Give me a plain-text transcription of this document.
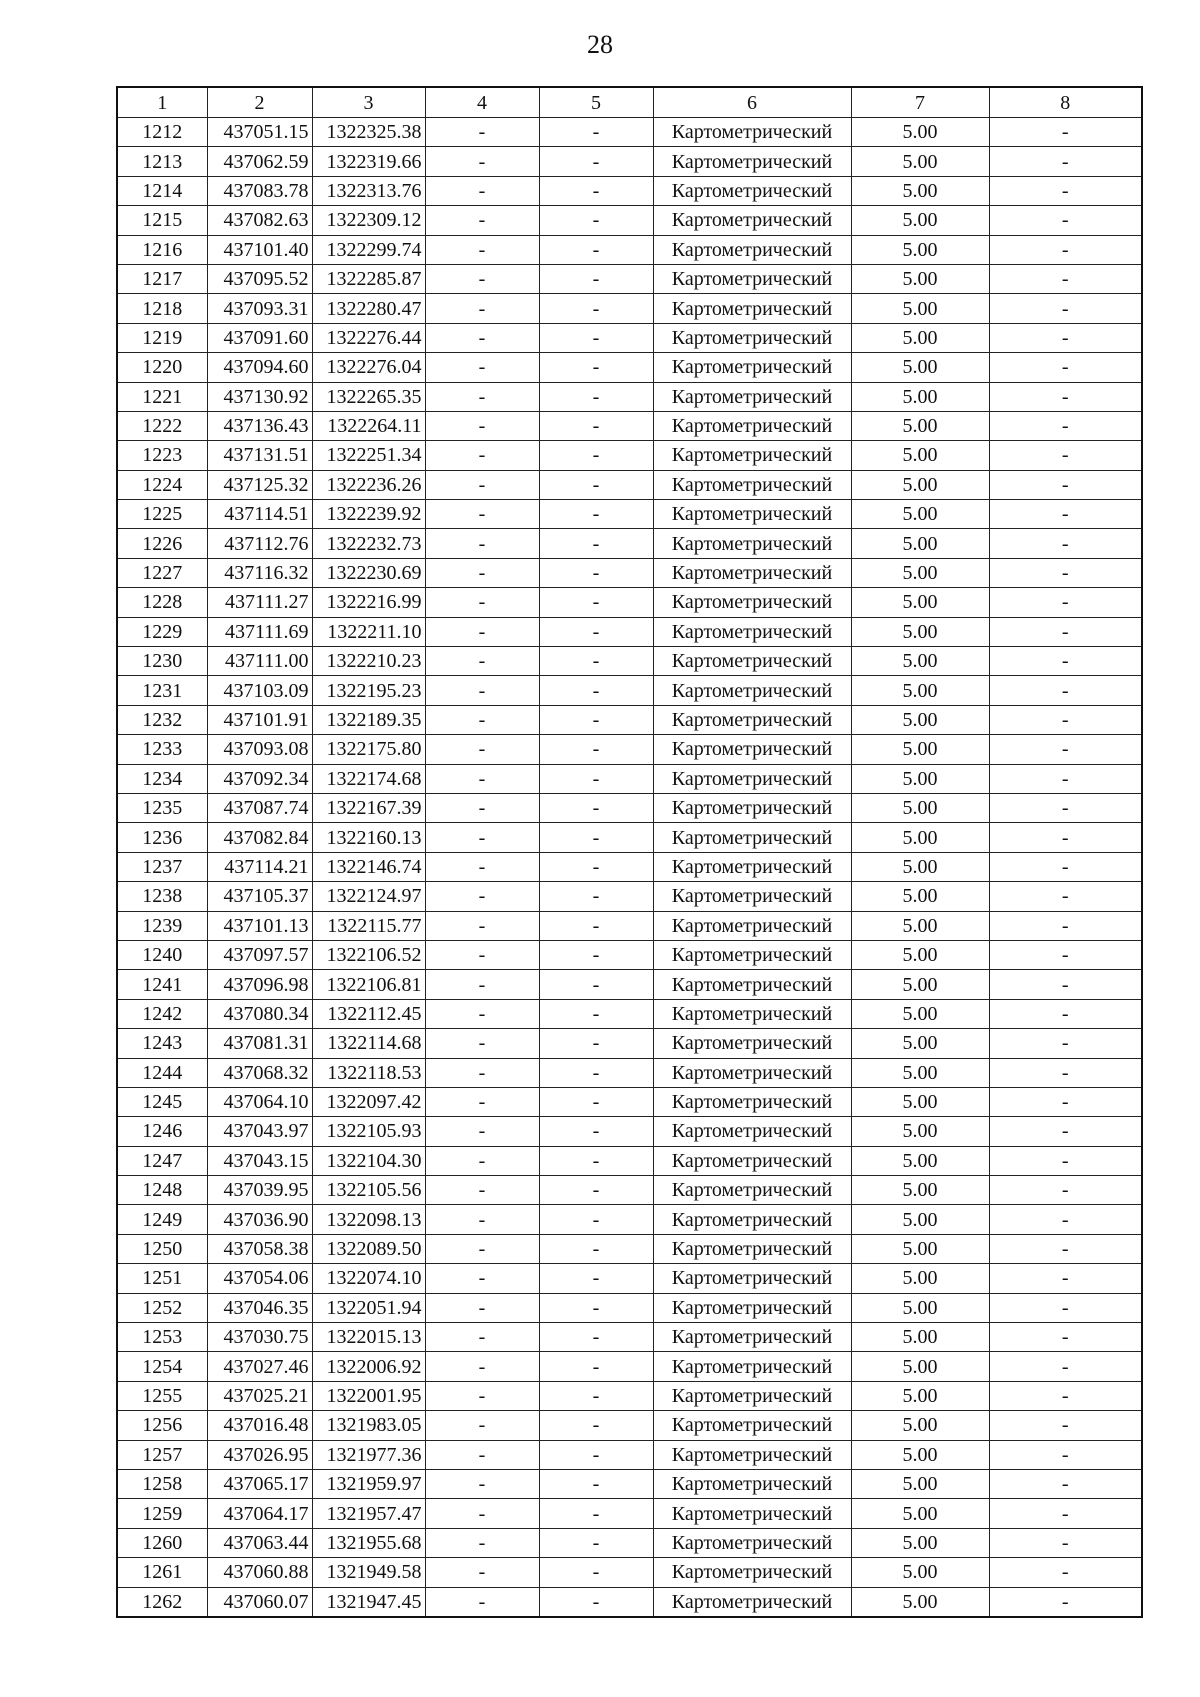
28
1	2	3	4	5	6	7	8
1212	437051.15	1322325.38	-	-	Картометрический	5.00	-
1213	437062.59	1322319.66	-	-	Картометрический	5.00	-
1214	437083.78	1322313.76	-	-	Картометрический	5.00	-
1215	437082.63	1322309.12	-	-	Картометрический	5.00	-
1216	437101.40	1322299.74	-	-	Картометрический	5.00	-
1217	437095.52	1322285.87	-	-	Картометрический	5.00	-
1218	437093.31	1322280.47	-	-	Картометрический	5.00	-
1219	437091.60	1322276.44	-	-	Картометрический	5.00	-
1220	437094.60	1322276.04	-	-	Картометрический	5.00	-
1221	437130.92	1322265.35	-	-	Картометрический	5.00	-
1222	437136.43	1322264.11	-	-	Картометрический	5.00	-
1223	437131.51	1322251.34	-	-	Картометрический	5.00	-
1224	437125.32	1322236.26	-	-	Картометрический	5.00	-
1225	437114.51	1322239.92	-	-	Картометрический	5.00	-
1226	437112.76	1322232.73	-	-	Картометрический	5.00	-
1227	437116.32	1322230.69	-	-	Картометрический	5.00	-
1228	437111.27	1322216.99	-	-	Картометрический	5.00	-
1229	437111.69	1322211.10	-	-	Картометрический	5.00	-
1230	437111.00	1322210.23	-	-	Картометрический	5.00	-
1231	437103.09	1322195.23	-	-	Картометрический	5.00	-
1232	437101.91	1322189.35	-	-	Картометрический	5.00	-
1233	437093.08	1322175.80	-	-	Картометрический	5.00	-
1234	437092.34	1322174.68	-	-	Картометрический	5.00	-
1235	437087.74	1322167.39	-	-	Картометрический	5.00	-
1236	437082.84	1322160.13	-	-	Картометрический	5.00	-
1237	437114.21	1322146.74	-	-	Картометрический	5.00	-
1238	437105.37	1322124.97	-	-	Картометрический	5.00	-
1239	437101.13	1322115.77	-	-	Картометрический	5.00	-
1240	437097.57	1322106.52	-	-	Картометрический	5.00	-
1241	437096.98	1322106.81	-	-	Картометрический	5.00	-
1242	437080.34	1322112.45	-	-	Картометрический	5.00	-
1243	437081.31	1322114.68	-	-	Картометрический	5.00	-
1244	437068.32	1322118.53	-	-	Картометрический	5.00	-
1245	437064.10	1322097.42	-	-	Картометрический	5.00	-
1246	437043.97	1322105.93	-	-	Картометрический	5.00	-
1247	437043.15	1322104.30	-	-	Картометрический	5.00	-
1248	437039.95	1322105.56	-	-	Картометрический	5.00	-
1249	437036.90	1322098.13	-	-	Картометрический	5.00	-
1250	437058.38	1322089.50	-	-	Картометрический	5.00	-
1251	437054.06	1322074.10	-	-	Картометрический	5.00	-
1252	437046.35	1322051.94	-	-	Картометрический	5.00	-
1253	437030.75	1322015.13	-	-	Картометрический	5.00	-
1254	437027.46	1322006.92	-	-	Картометрический	5.00	-
1255	437025.21	1322001.95	-	-	Картометрический	5.00	-
1256	437016.48	1321983.05	-	-	Картометрический	5.00	-
1257	437026.95	1321977.36	-	-	Картометрический	5.00	-
1258	437065.17	1321959.97	-	-	Картометрический	5.00	-
1259	437064.17	1321957.47	-	-	Картометрический	5.00	-
1260	437063.44	1321955.68	-	-	Картометрический	5.00	-
1261	437060.88	1321949.58	-	-	Картометрический	5.00	-
1262	437060.07	1321947.45	-	-	Картометрический	5.00	-
